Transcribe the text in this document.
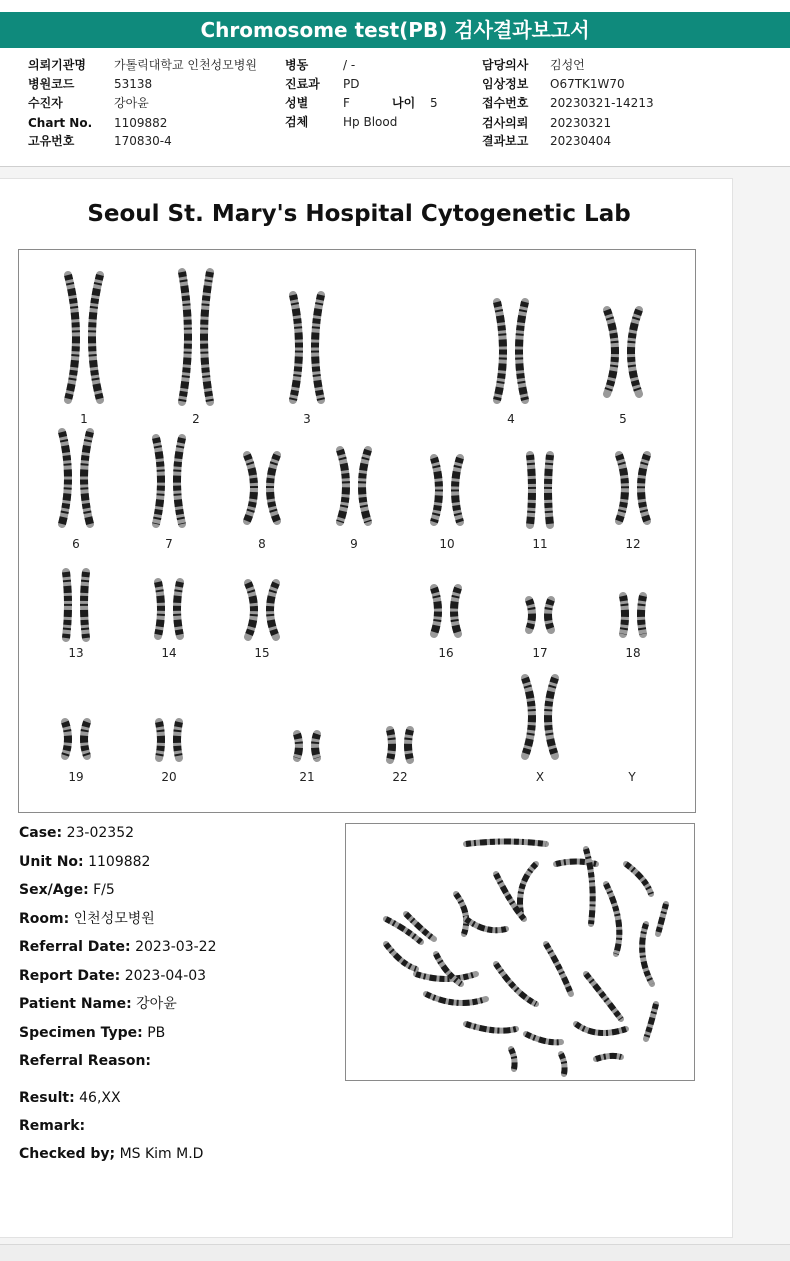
Chromosome test(PB) 검사결과보고서
의뢰기관명 가톨릭대학교 인천성모병원
병원코드	53138
수진자	강아윤
Chart No. 1109882
고유번호	170830-4
병동	/ -
진료과 PD
성별	F	나이 5
검체	Hp Blood
담당의사 김성언
임상정보 O67TK1W70
접수번호 20230321-14213
검사의뢰 20230321
결과보고 20230404
Seoul St. Mary's Hospital Cytogenetic Lab
1	2	3	4	5
6	7	8	9	10	11	12
13	14	15	16	17	18
19	20	21	22	X	Y
Case: 23-02352
Unit No: 1109882
Sex/Age: F/5
Room: 인천성모병원
Referral Date: 2023-03-22
Report Date: 2023-04-03
Patient Name: 강아윤
Specimen Type: PB
Referral Reason:
Result: 46,XX
Remark:
Checked by; MS Kim M.D
